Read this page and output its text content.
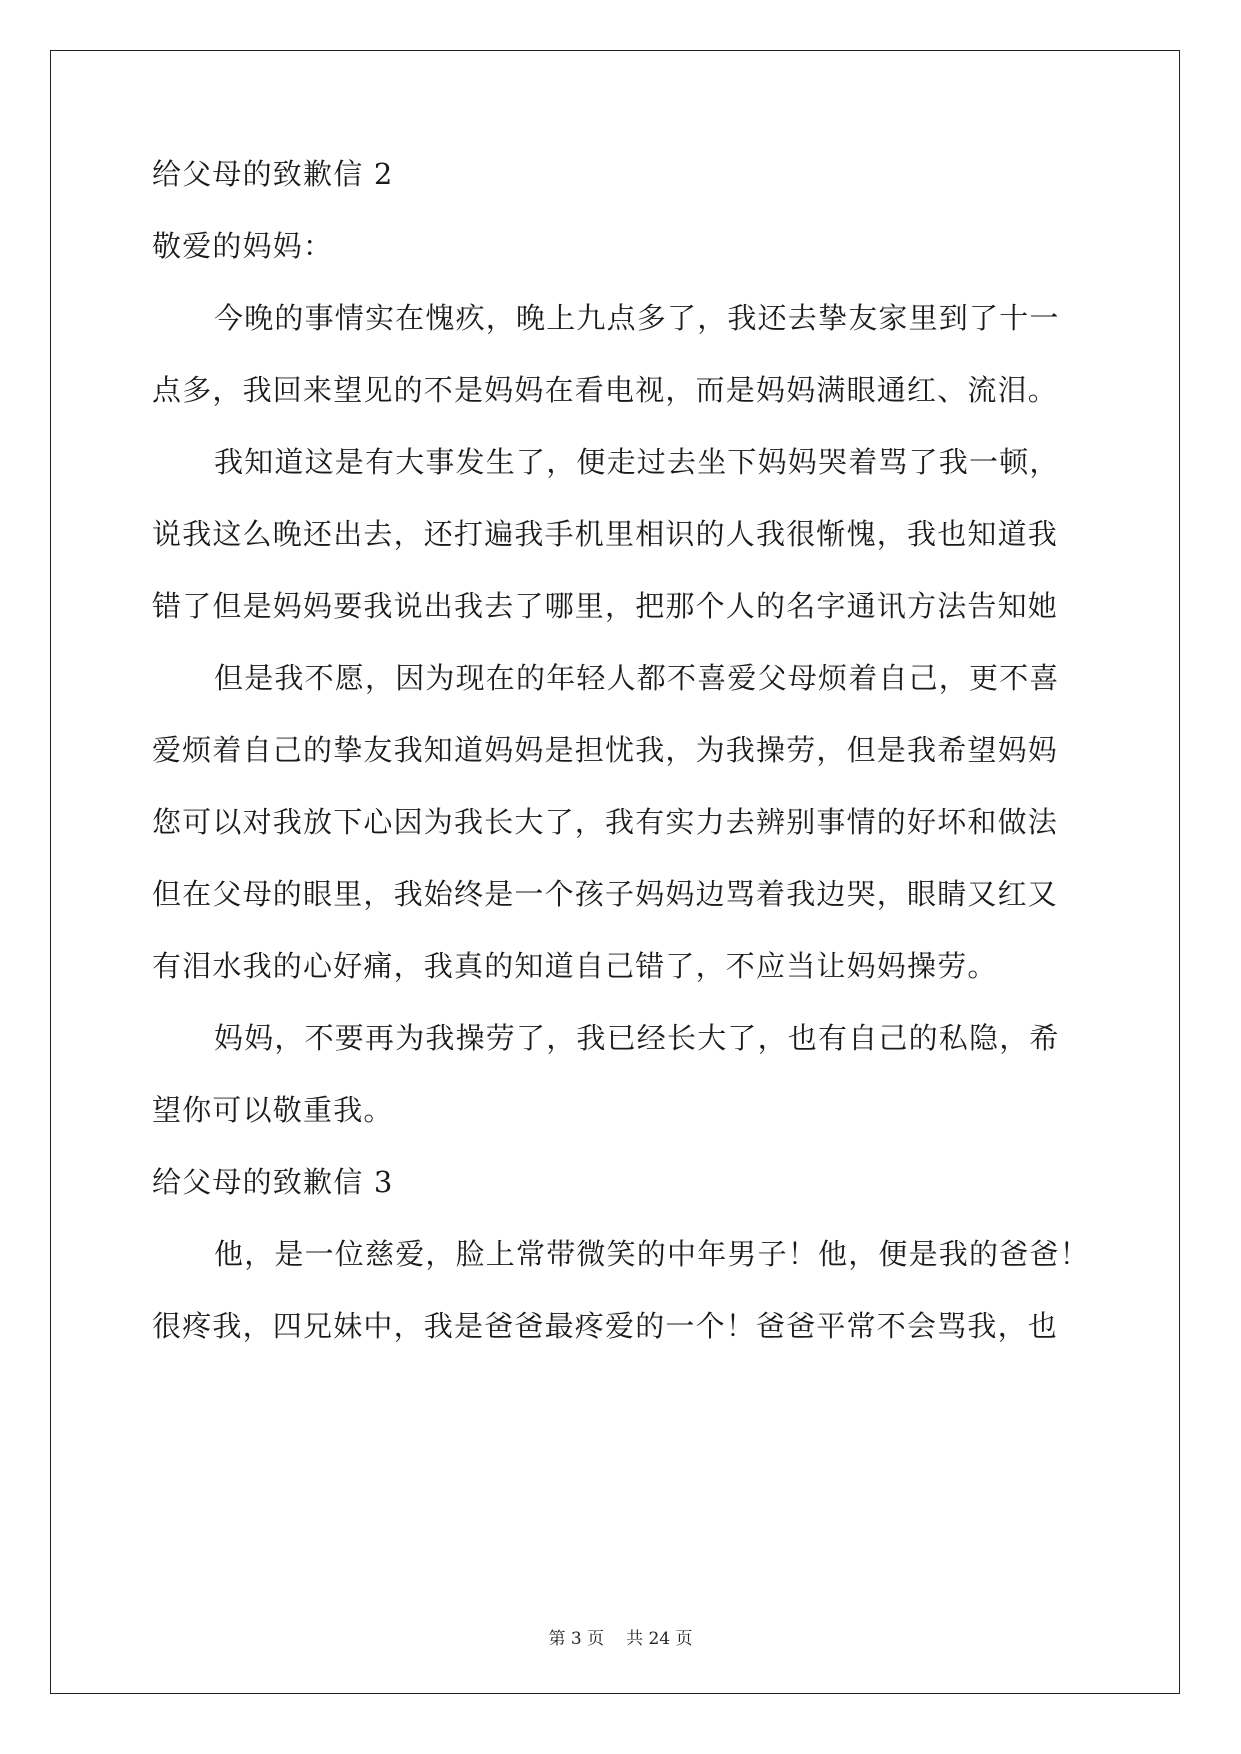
给父母的致歉信 2
敬爱的妈妈：
今晚的事情实在愧疚，晚上九点多了，我还去挚友家里到了十一
点多，我回来望见的不是妈妈在看电视，而是妈妈满眼通红、流泪。
我知道这是有大事发生了，便走过去坐下妈妈哭着骂了我一顿，
说我这么晚还出去，还打遍我手机里相识的人我很惭愧，我也知道我
错了但是妈妈要我说出我去了哪里，把那个人的名字通讯方法告知她
但是我不愿，因为现在的年轻人都不喜爱父母烦着自己，更不喜
爱烦着自己的挚友我知道妈妈是担忧我，为我操劳，但是我希望妈妈
您可以对我放下心因为我长大了，我有实力去辨别事情的好坏和做法
但在父母的眼里，我始终是一个孩子妈妈边骂着我边哭，眼睛又红又
有泪水我的心好痛，我真的知道自己错了，不应当让妈妈操劳。
妈妈，不要再为我操劳了，我已经长大了，也有自己的私隐，希
望你可以敬重我。
给父母的致歉信 3
他，是一位慈爱，脸上常带微笑的中年男子！他，便是我的爸爸！
很疼我，四兄妹中，我是爸爸最疼爱的一个！爸爸平常不会骂我，也
第 3 页 共 24 页
